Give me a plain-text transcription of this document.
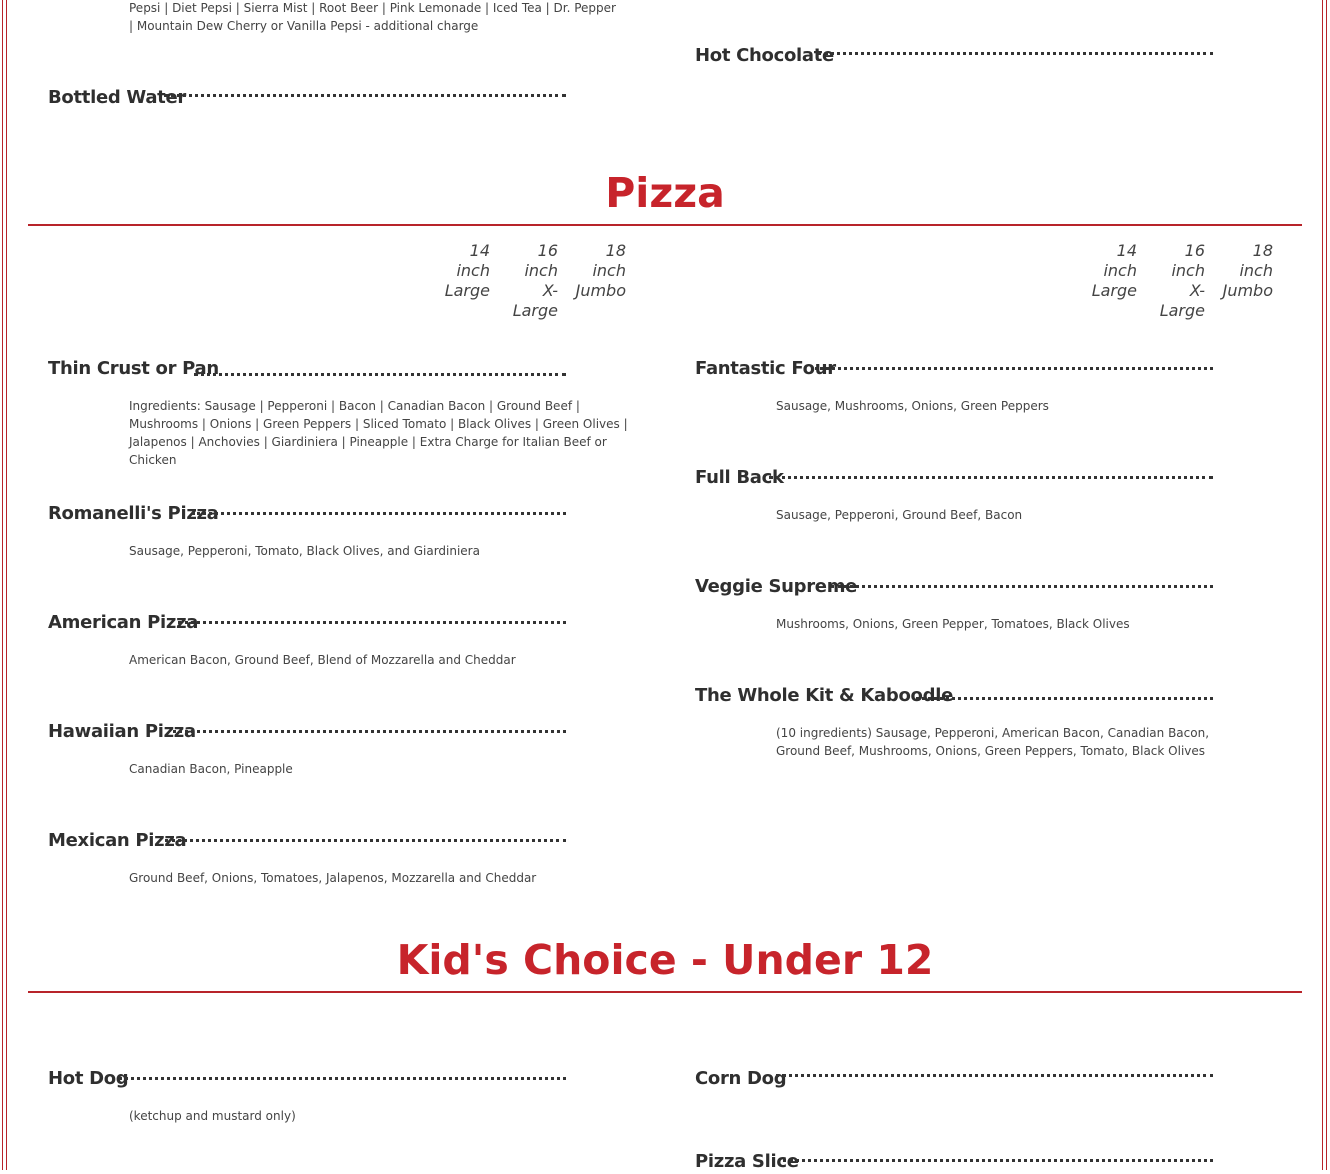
Pepsi | Diet Pepsi | Sierra Mist | Root Beer | Pink Lemonade | Iced Tea | Dr. Pepper | Mountain Dew Cherry or Vanilla Pepsi - additional charge
Bottled Water
Hot Chocolate
Pizza
14
inch
Large
16
inch
X-
Large
18
inch
Jumbo
14
inch
Large
16
inch
X-
Large
18
inch
Jumbo
Thin Crust or Pan
Ingredients: Sausage | Pepperoni | Bacon | Canadian Bacon | Ground Beef | Mushrooms | Onions | Green Peppers | Sliced Tomato | Black Olives | Green Olives | Jalapenos | Anchovies | Giardiniera | Pineapple | Extra Charge for Italian Beef or Chicken
Romanelli's Pizza
Sausage, Pepperoni, Tomato, Black Olives, and Giardiniera
American Pizza
American Bacon, Ground Beef, Blend of Mozzarella and Cheddar
Hawaiian Pizza
Canadian Bacon, Pineapple
Mexican Pizza
Ground Beef, Onions, Tomatoes, Jalapenos, Mozzarella and Cheddar
Fantastic Four
Sausage, Mushrooms, Onions, Green Peppers
Full Back
Sausage, Pepperoni, Ground Beef, Bacon
Veggie Supreme
Mushrooms, Onions, Green Pepper, Tomatoes, Black Olives
The Whole Kit & Kaboodle
(10 ingredients) Sausage, Pepperoni, American Bacon, Canadian Bacon, Ground Beef, Mushrooms, Onions, Green Peppers, Tomato, Black Olives
Kid's Choice - Under 12
Hot Dog
(ketchup and mustard only)
Corn Dog
Pizza Slice
